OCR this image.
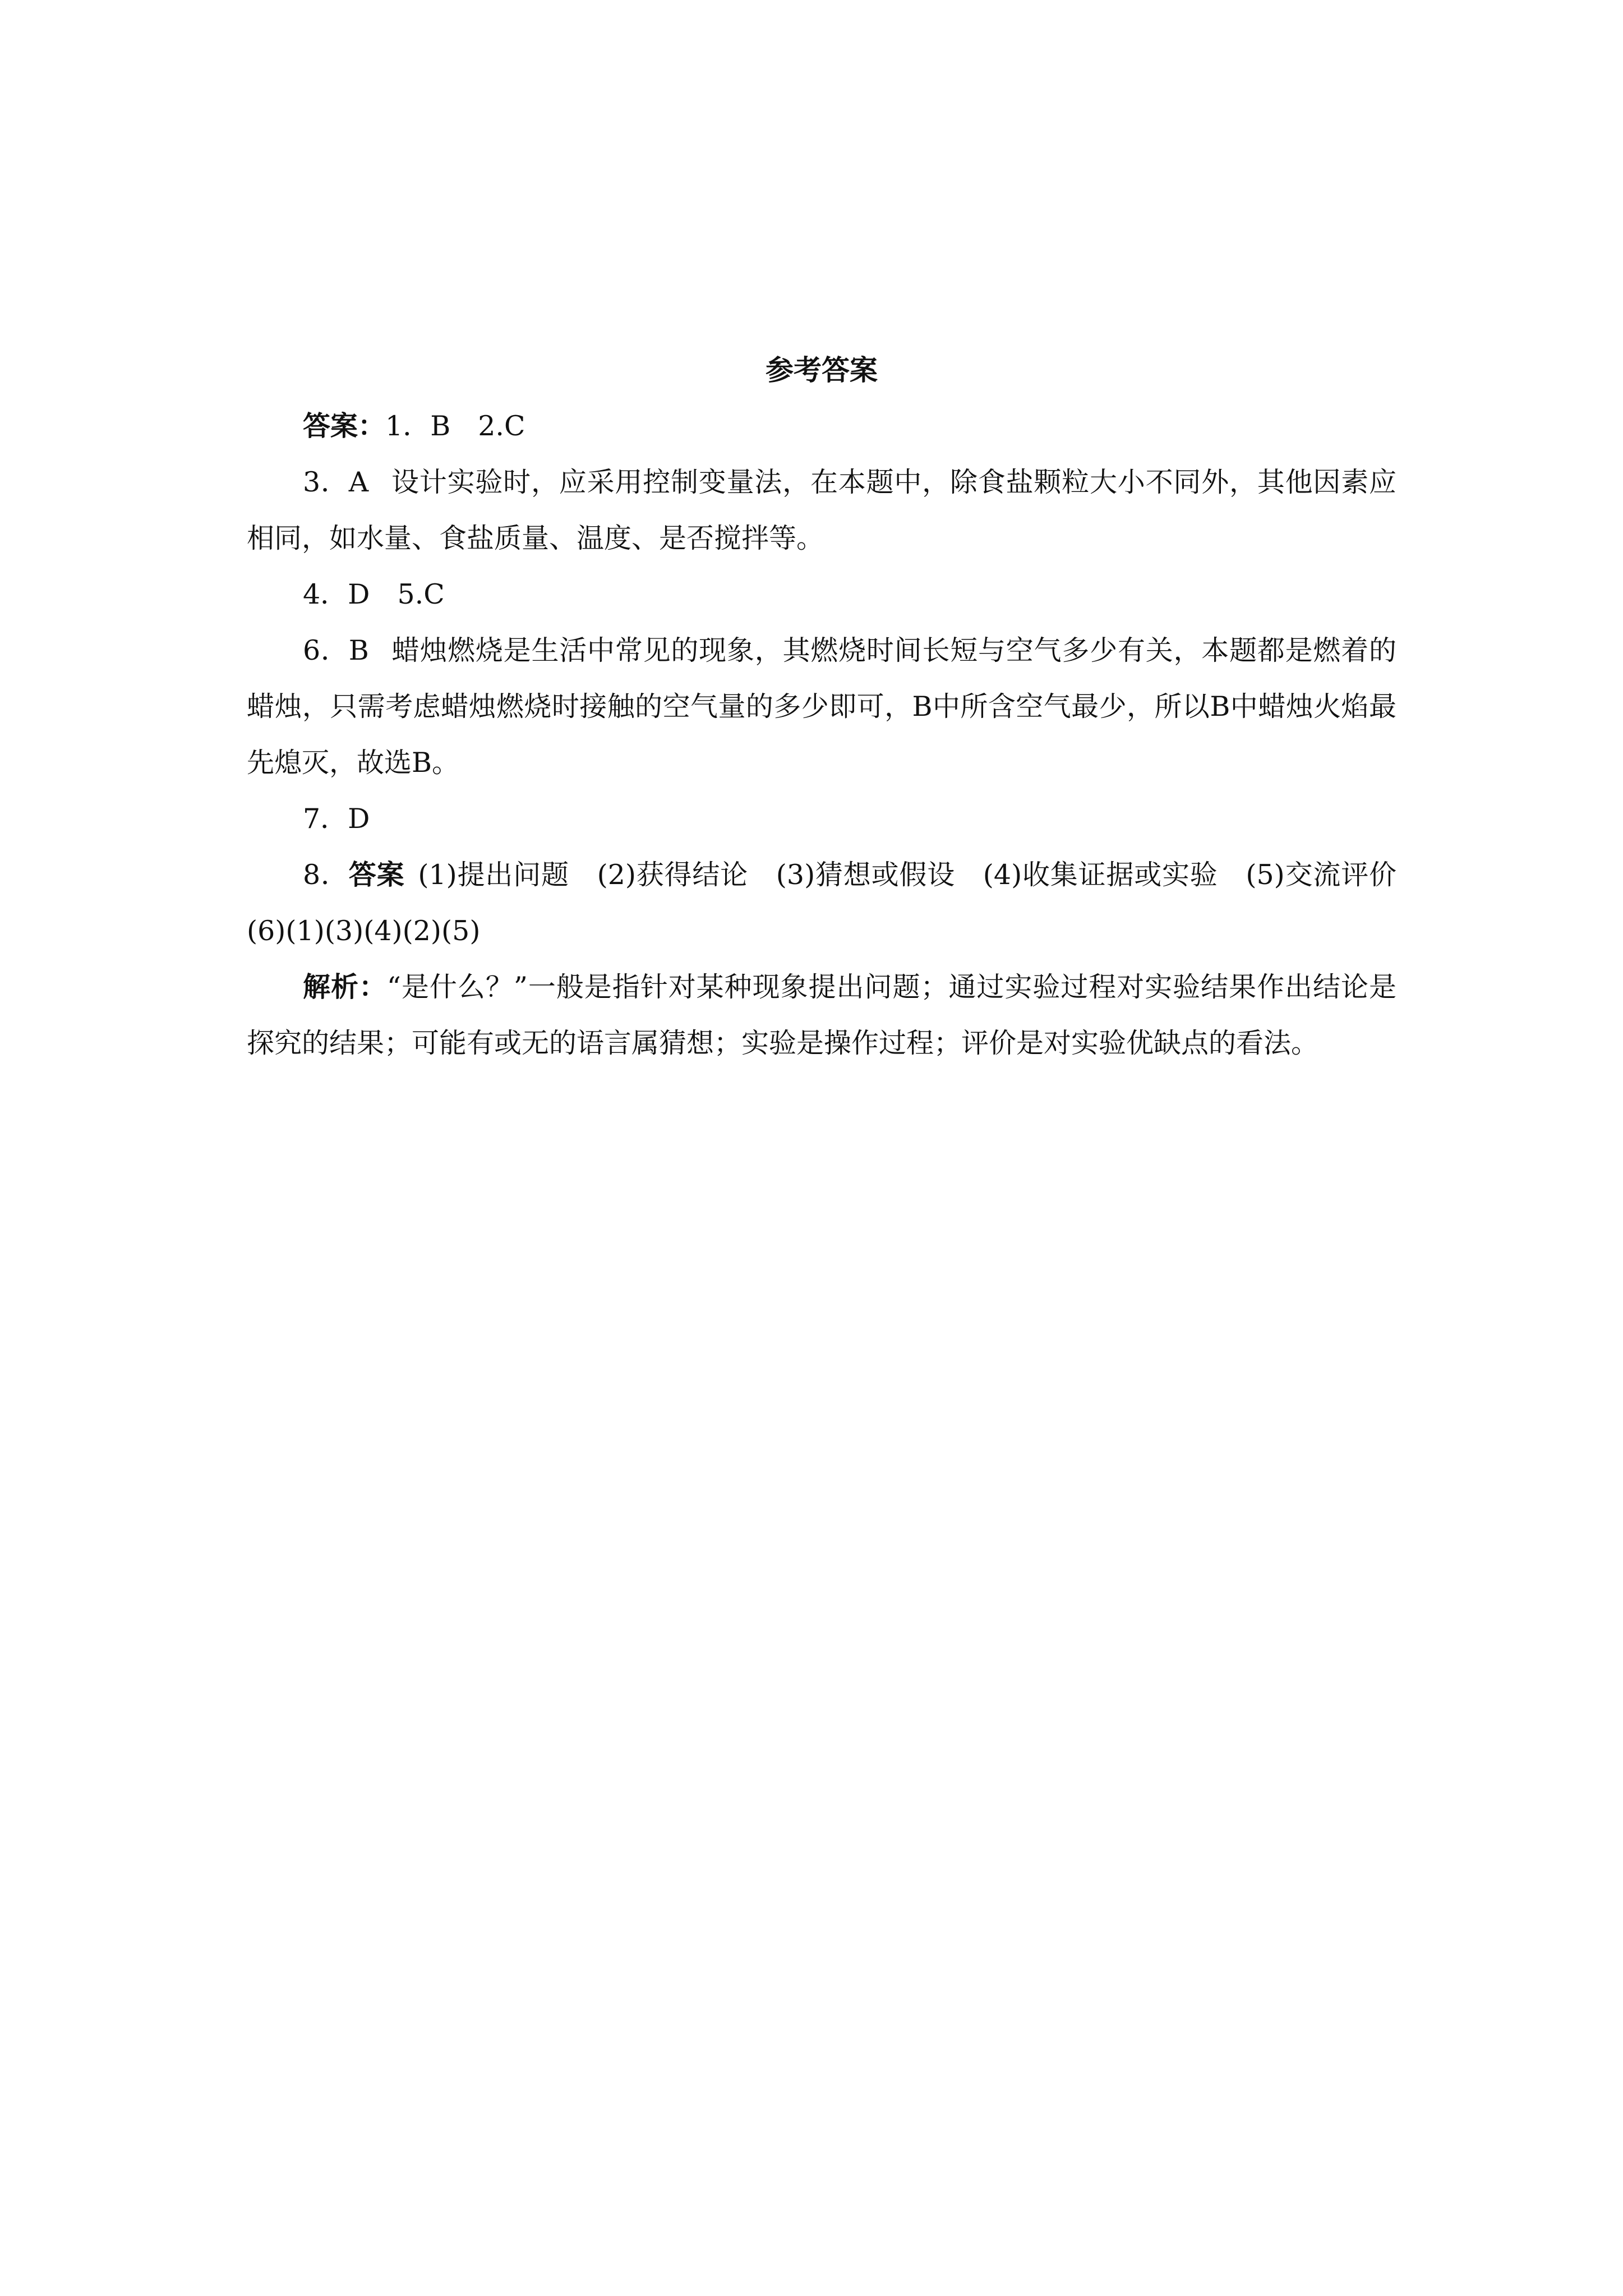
参考答案

答案：1．B　2.C

3．A 设计实验时，应采用控制变量法，在本题中，除食盐颗粒大小不同外，其他因素应相同，如水量、食盐质量、温度、是否搅拌等。

4．D　5.C

6．B 蜡烛燃烧是生活中常见的现象，其燃烧时间长短与空气多少有关，本题都是燃着的蜡烛，只需考虑蜡烛燃烧时接触的空气量的多少即可，B中所含空气最少，所以B中蜡烛火焰最先熄灭，故选B。

7．D

8．答案 (1)提出问题　(2)获得结论　(3)猜想或假设　(4)收集证据或实验　(5)交流评价　(6)(1)(3)(4)(2)(5)

解析：“是什么？”一般是指针对某种现象提出问题；通过实验过程对实验结果作出结论是探究的结果；可能有或无的语言属猜想；实验是操作过程；评价是对实验优缺点的看法。
